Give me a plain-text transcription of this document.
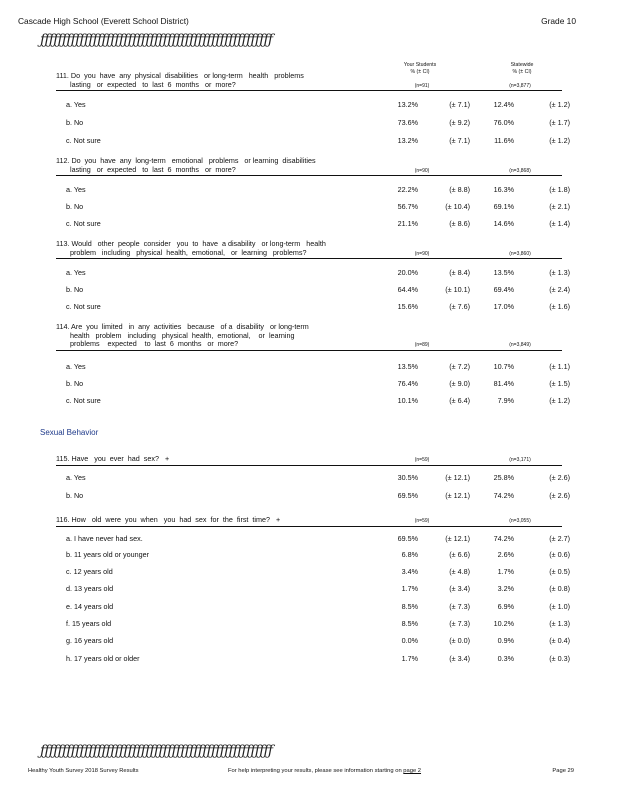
Cascade High School (Everett School District)	Grade 10
ƒƒƒƒƒƒƒƒƒƒƒƒƒƒƒƒƒƒƒƒƒƒƒƒƒƒƒƒƒƒƒƒƒƒƒƒƒƒƒƒƒƒƒƒƒƒƒƒƒƒƒƒƒ
Your Students
% (± CI)
Statewide
% (± CI)
111. Do  you  have  any  physical  disabilities   or long-term   health   problems
lasting   or  expected   to  last  6  months   or  more?	(n=91)	(n=3,877)
a. Yes	13.2%	(± 7.1)	12.4%	(± 1.2)
b. No	73.6%	(± 9.2)	76.0%	(± 1.7)
c. Not sure	13.2%	(± 7.1)	11.6%	(± 1.2)
112. Do  you  have  any  long-term   emotional   problems   or learning  disabilities
lasting   or  expected   to  last  6  months   or  more?	(n=90)	(n=3,868)
a. Yes	22.2%	(± 8.8)	16.3%	(± 1.8)
b. No	56.7%	(± 10.4)	69.1%	(± 2.1)
c. Not sure	21.1%	(± 8.6)	14.6%	(± 1.4)
113. Would   other  people  consider   you  to  have  a disability   or long-term   health
problem   including   physical  health,  emotional,   or  learning   problems?	(n=90)	(n=3,860)
a. Yes	20.0%	(± 8.4)	13.5%	(± 1.3)
b. No	64.4%	(± 10.1)	69.4%	(± 2.4)
c. Not sure	15.6%	(± 7.6)	17.0%	(± 1.6)
114. Are  you  limited   in  any  activities   because   of a  disability   or long-term
health   problem   including   physical  health,  emotional,    or  learning
problems    expected    to  last  6  months   or  more?	(n=89)	(n=3,849)
a. Yes	13.5%	(± 7.2)	10.7%	(± 1.1)
b. No	76.4%	(± 9.0)	81.4%	(± 1.5)
c. Not sure	10.1%	(± 6.4)	7.9%	(± 1.2)
115. Have   you  ever  had  sex?   +	(n=59)	(n=3,171)
a. Yes	30.5%	(± 12.1)	25.8%	(± 2.6)
b. No	69.5%	(± 12.1)	74.2%	(± 2.6)
116. How   old  were  you  when   you  had  sex  for  the  first  time?   +	(n=59)	(n=3,055)
a. I have never had sex.	69.5%	(± 12.1)	74.2%	(± 2.7)
b. 11 years old or younger	6.8%	(± 6.6)	2.6%	(± 0.6)
c. 12 years old	3.4%	(± 4.8)	1.7%	(± 0.5)
d. 13 years old	1.7%	(± 3.4)	3.2%	(± 0.8)
e. 14 years old	8.5%	(± 7.3)	6.9%	(± 1.0)
f. 15 years old	8.5%	(± 7.3)	10.2%	(± 1.3)
g. 16 years old	0.0%	(± 0.0)	0.9%	(± 0.4)
h. 17 years old or older	1.7%	(± 3.4)	0.3%	(± 0.3)
Sexual Behavior
ƒƒƒƒƒƒƒƒƒƒƒƒƒƒƒƒƒƒƒƒƒƒƒƒƒƒƒƒƒƒƒƒƒƒƒƒƒƒƒƒƒƒƒƒƒƒƒƒƒƒƒƒƒ
Healthy Youth Survey 2018 Survey Results	For help interpreting your results, please see information starting on page 2	Page 29
